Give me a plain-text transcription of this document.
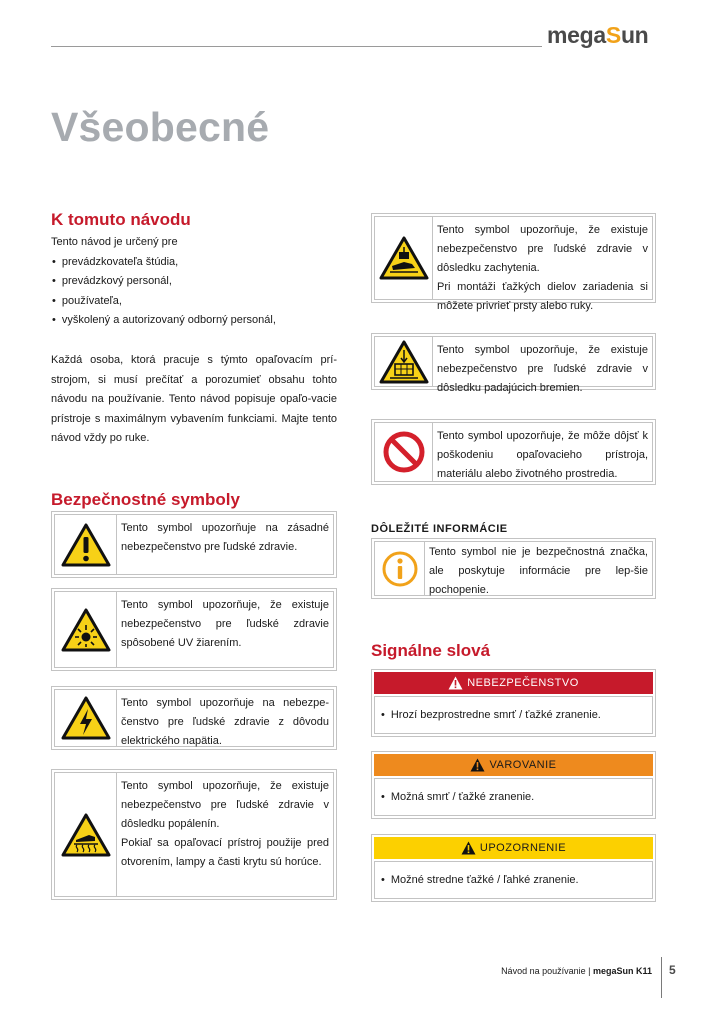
megaSun
Všeobecné
K tomuto návodu
Tento návod je určený pre
• prevádzkovateľa štúdia,
• prevádzkový personál,
• používateľa,
• vyškolený a autorizovaný odborný personál,

Každá osoba, ktorá pracuje s týmto opaľovacím prí-strojom, si musí prečítať a porozumieť obsahu tohto návodu na používanie. Tento návod popisuje opaľo-vacie prístroje s maximálnym vybavením funkciami. Majte tento návod vždy po ruke.

Bezpečnostné symboly
Tento symbol upozorňuje na zásadné nebezpečenstvo pre ľudské zdravie.
Tento symbol upozorňuje, že existuje nebezpečenstvo pre ľudské zdravie spôsobené UV žiarením.
Tento symbol upozorňuje na nebezpe-čenstvo pre ľudské zdravie z dôvodu elektrického napätia.
Tento symbol upozorňuje, že existuje nebezpečenstvo pre ľudské zdravie v dôsledku popálenín.
Pokiaľ sa opaľovací prístroj použije pred otvorením, lampy a časti krytu sú horúce.
Tento symbol upozorňuje, že existuje nebezpečenstvo pre ľudské zdravie v dôsledku zachytenia.
Pri montáži ťažkých dielov zariadenia si môžete privrieť prsty alebo ruky.
Tento symbol upozorňuje, že existuje nebezpečenstvo pre ľudské zdravie v dôsledku padajúcich bremien.
Tento symbol upozorňuje, že môže dôjsť k poškodeniu opaľovacieho prístroja, materiálu alebo životného prostredia.
DÔLEŽITÉ INFORMÁCIE
Tento symbol nie je bezpečnostná značka, ale poskytuje informácie pre lep-šie pochopenie.
Signálne slová
NEBEZPEČENSTVO
• Hrozí bezprostredne smrť / ťažké zranenie.
VAROVANIE
• Možná smrť / ťažké zranenie.
UPOZORNENIE
• Možné stredne ťažké / ľahké zranenie.
Návod na používanie | megaSun K11 5
